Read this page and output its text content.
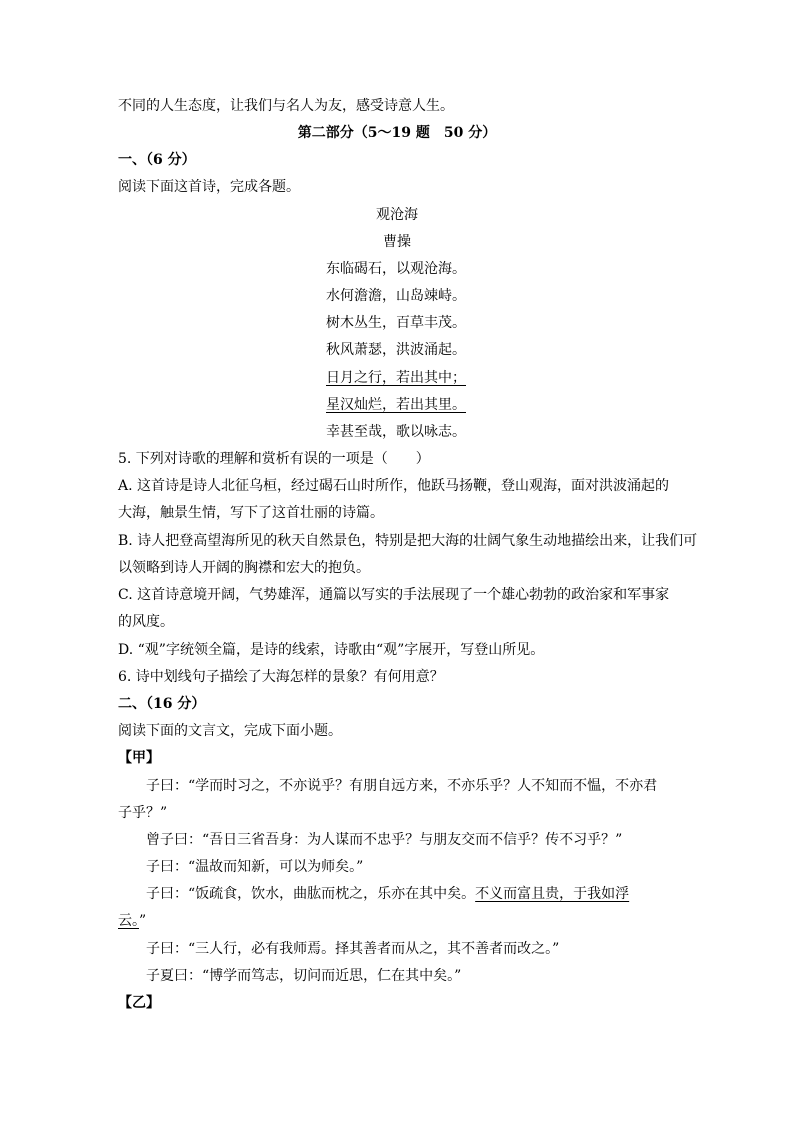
不同的人生态度，让我们与名人为友，感受诗意人生。
第二部分（5～19 题　50 分）
一、（6 分）
阅读下面这首诗，完成各题。
观沧海
曹操
东临碣石，以观沧海。
水何澹澹，山岛竦峙。
树木丛生，百草丰茂。
秋风萧瑟，洪波涌起。
日月之行，若出其中；
星汉灿烂，若出其里。
幸甚至哉，歌以咏志。
5. 下列对诗歌的理解和赏析有误的一项是（　　）
A. 这首诗是诗人北征乌桓，经过碣石山时所作，他跃马扬鞭，登山观海，面对洪波涌起的
大海，触景生情，写下了这首壮丽的诗篇。
B. 诗人把登高望海所见的秋天自然景色，特别是把大海的壮阔气象生动地描绘出来，让我们可
以领略到诗人开阔的胸襟和宏大的抱负。
C. 这首诗意境开阔，气势雄浑，通篇以写实的手法展现了一个雄心勃勃的政治家和军事家
的风度。
D. “观”字统领全篇，是诗的线索，诗歌由“观”字展开，写登山所见。
6. 诗中划线句子描绘了大海怎样的景象？有何用意？
二、（16 分）
阅读下面的文言文，完成下面小题。
【甲】
子曰：“学而时习之，不亦说乎？有朋自远方来，不亦乐乎？人不知而不愠，不亦君
子乎？”
曾子曰：“吾日三省吾身：为人谋而不忠乎？与朋友交而不信乎？传不习乎？”
子曰：“温故而知新，可以为师矣。”
子曰：“饭疏食，饮水，曲肱而枕之，乐亦在其中矣。不义而富且贵，于我如浮
云。”
子曰：“三人行，必有我师焉。择其善者而从之，其不善者而改之。”
子夏曰：“博学而笃志，切问而近思，仁在其中矣。”
【乙】
